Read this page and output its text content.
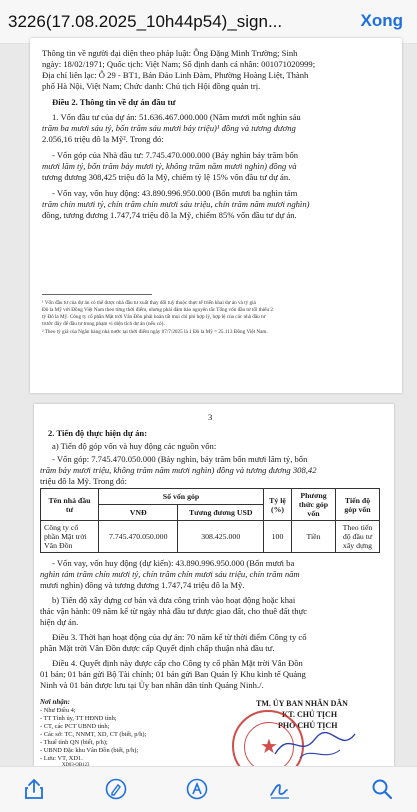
3226(17.08.2025_10h44p54)_sign...	Xong
Thông tin về người đại diện theo pháp luật: Ông Đặng Minh Trường; Sinh
ngày: 18/02/1971; Quốc tịch: Việt Nam; Số định danh cá nhân: 001071020999;
Địa chỉ liên lạc: Ô 29 - BT1, Bán Đảo Linh Đàm, Phường Hoàng Liệt, Thành
phố Hà Nội, Việt Nam; Chức danh: Chủ tịch Hội đồng quản trị.
Điều 2. Thông tin về dự án đầu tư
1. Vốn đầu tư của dự án: 51.636.467.000.000 (Năm mươi mốt nghìn sáu
trăm ba mươi sáu tỷ, bốn trăm sáu mươi bảy triệu)¹ đồng và tương đương
2.056,16 triệu đô la Mỹ². Trong đó:
- Vốn góp của Nhà đầu tư: 7.745.470.000.000 (Bảy nghìn bảy trăm bốn
mươi lăm tỷ, bốn trăm bảy mươi tỷ, không trăm năm mươi nghìn) đồng và
tương đương 308,425 triệu đô la Mỹ, chiếm tỷ lệ 15% vốn đầu tư dự án.
- Vốn vay, vốn huy động: 43.890.996.950.000 (Bốn mươi ba nghìn tám
trăm chín mươi tỷ, chín trăm chín mươi sáu triệu, chín trăm năm mươi nghìn)
đồng, tương đương 1.747,74 triệu đô la Mỹ, chiếm 85% vốn đầu tư dự án.
¹ Vốn đầu tư của dự án có thể được nhà đầu tư xuất thay đổi tuỳ thuộc thực tế triển khai dự án và tỷ giá
Đô la Mỹ với Đồng Việt Nam theo từng thời điểm, nhưng phải đảm bảo nguyên tắc Tổng vốn đầu tư tối thiểu 2
tỷ Đô la Mỹ. Công ty cổ phần Mặt trời Vân Đồn phải hoàn tất mọi chi phí hợp lý, hợp lệ của các nhà đầu tư
trước đây để đầu tư trong phạm vi diện tích dự án (nếu có).
² Theo tỷ giá của Ngân hàng nhà nước tại thời điểm ngày 07/7/2025 là 1 Đô la Mỹ = 25.113 Đồng Việt Nam.
3
2. Tiến độ thực hiện dự án:
a) Tiến độ góp vốn và huy động các nguồn vốn:
- Vốn góp: 7.745.470.050.000 (Bảy nghìn, bảy trăm bốn mươi lăm tỷ, bốn
trăm bảy mươi triệu, không trăm năm mươi nghìn) đồng và tương đương 308,42
triệu đô la Mỹ. Trong đó:
Tên nhà đầu tư	Số vốn góp		Tỷ lệ (%)	Phương thức góp vốn	Tiến độ góp vốn
	VNĐ	Tương đương USD			
Công ty cổ phần Mặt trời Vân Đồn	7.745.470.050.000	308.425.000	100	Tiền	Theo tiến độ đầu tư xây dựng
- Vốn vay, vốn huy động (dự kiến): 43.890.996.950.000 (Bốn mươi ba
nghìn tám trăm chín mươi tỷ, chín trăm chín mươi sáu triệu, chín trăm năm
mươi nghìn) đồng và tương đương 1.747,74 triệu đô la Mỹ.
b) Tiến độ xây dựng cơ bản và đưa công trình vào hoạt động hoặc khai
thác vận hành: 09 năm kể từ ngày nhà đầu tư được giao đất, cho thuê đất thực
hiện dự án.
Điều 3. Thời hạn hoạt động của dự án: 70 năm kể từ thời điểm Công ty cổ
phần Mặt trời Vân Đồn được cấp Quyết định chấp thuận nhà đầu tư.
Điều 4. Quyết định này được cấp cho Công ty cổ phần Mặt trời Vân Đồn
01 bản; 01 bản gửi Bộ Tài chính; 01 bản gửi Ban Quản lý Khu kinh tế Quảng
Ninh và 01 bản được lưu tại Ủy ban nhân dân tỉnh Quảng Ninh./.
Nơi nhận:
- Như Điều 4;
- TT Tỉnh ủy, TT HĐND tỉnh;
- CT, các PCT UBND tỉnh;
- Các sở: TC, NNMT, XD, CT (biết, p/h);
- Thuế tỉnh QN (biết, p/h);
- UBND Đặc khu Vân Đồn (biết, p/h);
- Lưu: VT, XD1.
TM. ỦY BAN NHÂN DÂN
KT. CHỦ TỊCH
PHÓ CHỦ TỊCH
★
